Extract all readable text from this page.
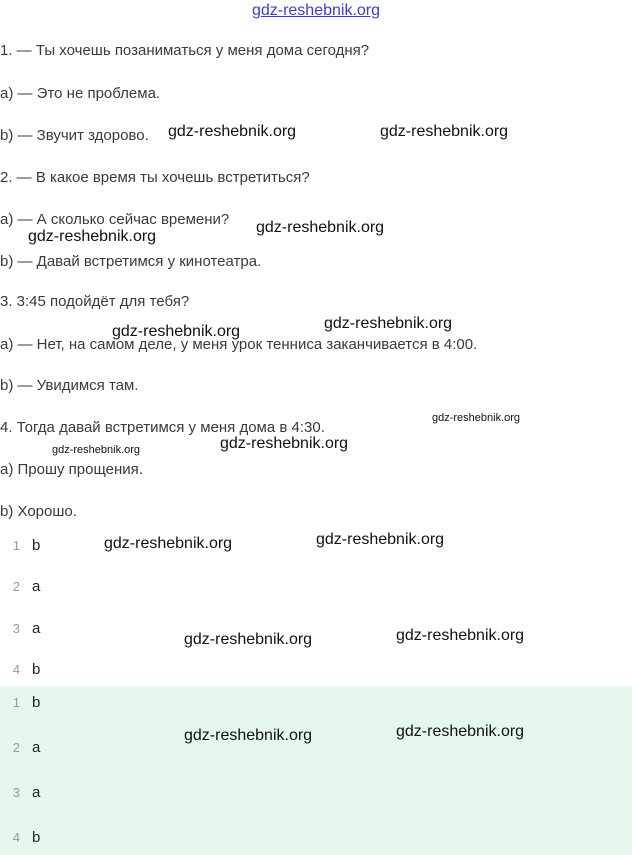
gdz-reshebnik.org
1. — Ты хочешь позаниматься у меня дома сегодня?
a) — Это не проблема.
b) — Звучит здорово.
2. — В какое время ты хочешь встретиться?
a) — А сколько сейчас времени?
b) — Давай встретимся у кинотеатра.
3. 3:45 подойдёт для тебя?
a) — Нет, на самом деле, у меня урок тенниса заканчивается в 4:00.
b) — Увидимся там.
4. Тогда давай встретимся у меня дома в 4:30.
a) Прошу прощения.
b) Хорошо.
1 b
2 a
3 a
4 b
1 b
2 a
3 a
4 b
gdz-reshebnik.org	gdz-reshebnik.org
gdz-reshebnik.org
gdz-reshebnik.org
gdz-reshebnik.org
gdz-reshebnik.org
gdz-reshebnik.org
gdz-reshebnik.org
gdz-reshebnik.org
gdz-reshebnik.org
gdz-reshebnik.org
gdz-reshebnik.org
gdz-reshebnik.org
gdz-reshebnik.org
gdz-reshebnik.org
